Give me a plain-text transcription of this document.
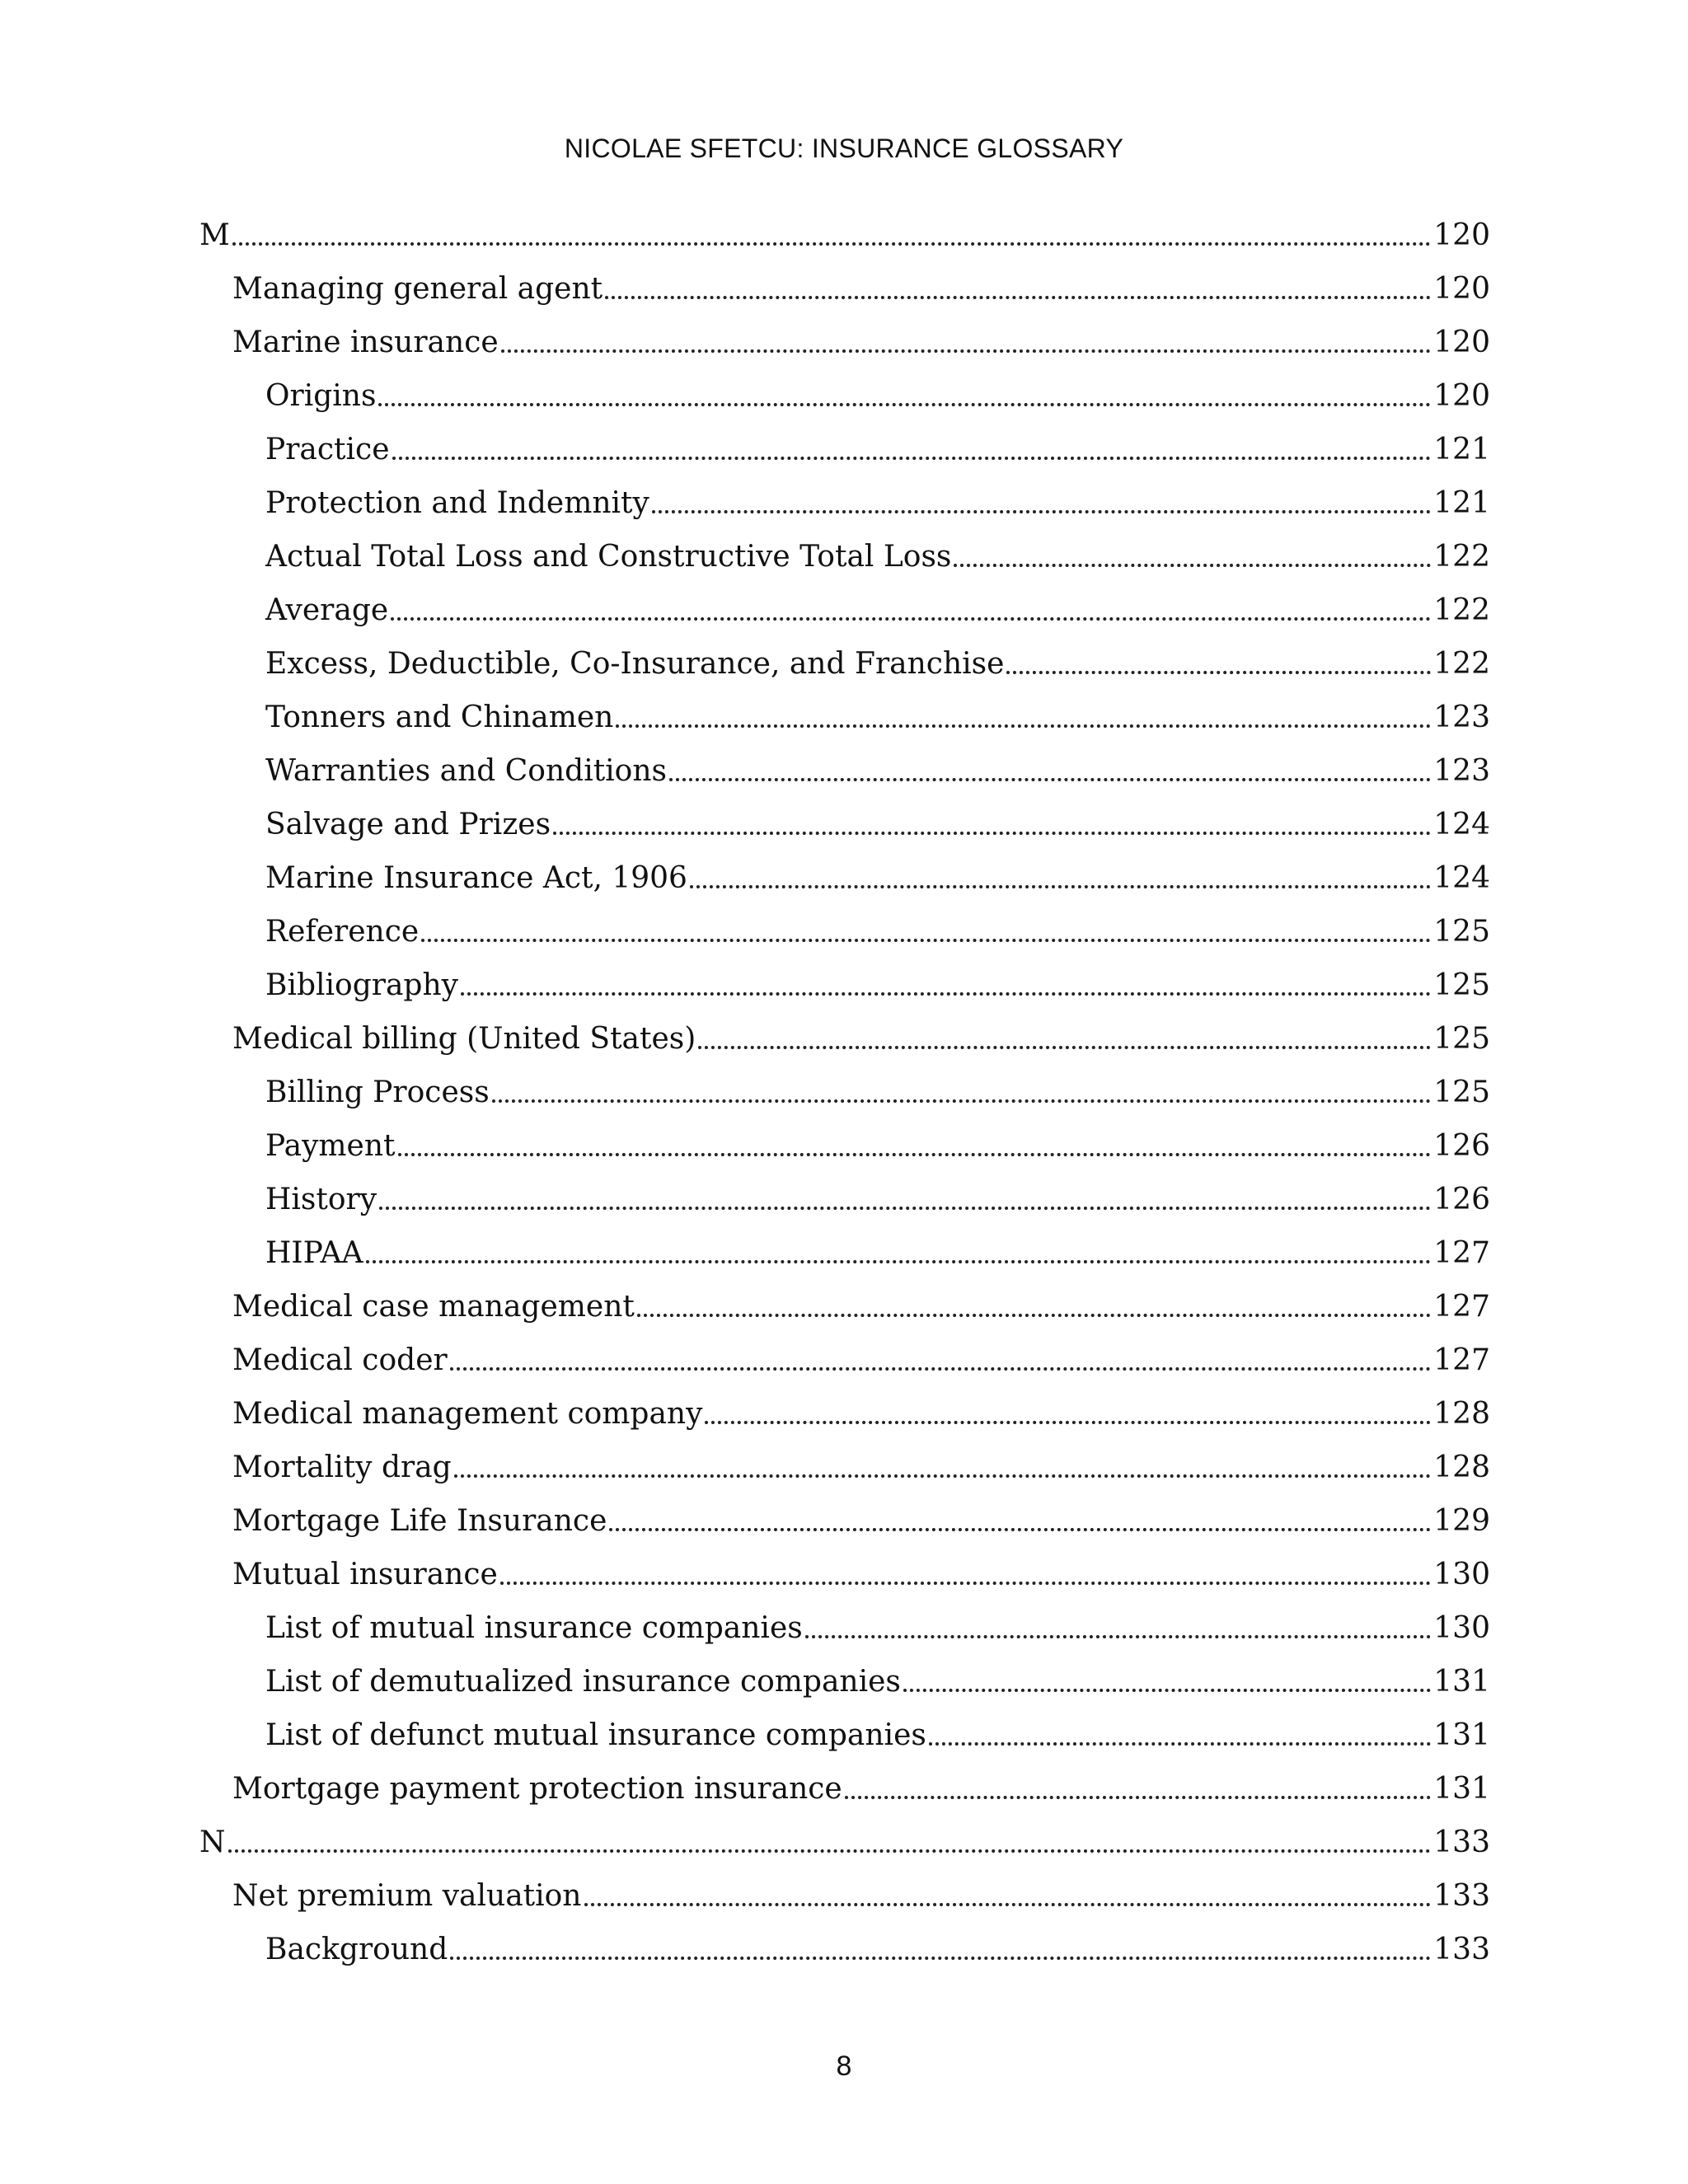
NICOLAE SFETCU: INSURANCE GLOSSARY
M	120
Managing general agent	120
Marine insurance	120
Origins	120
Practice	121
Protection and Indemnity	121
Actual Total Loss and Constructive Total Loss	122
Average	122
Excess, Deductible, Co-Insurance, and Franchise	122
Tonners and Chinamen	123
Warranties and Conditions	123
Salvage and Prizes	124
Marine Insurance Act, 1906	124
Reference	125
Bibliography	125
Medical billing (United States)	125
Billing Process	125
Payment	126
History	126
HIPAA	127
Medical case management	127
Medical coder	127
Medical management company	128
Mortality drag	128
Mortgage Life Insurance	129
Mutual insurance	130
List of mutual insurance companies	130
List of demutualized insurance companies	131
List of defunct mutual insurance companies	131
Mortgage payment protection insurance	131
N	133
Net premium valuation	133
Background	133
8
